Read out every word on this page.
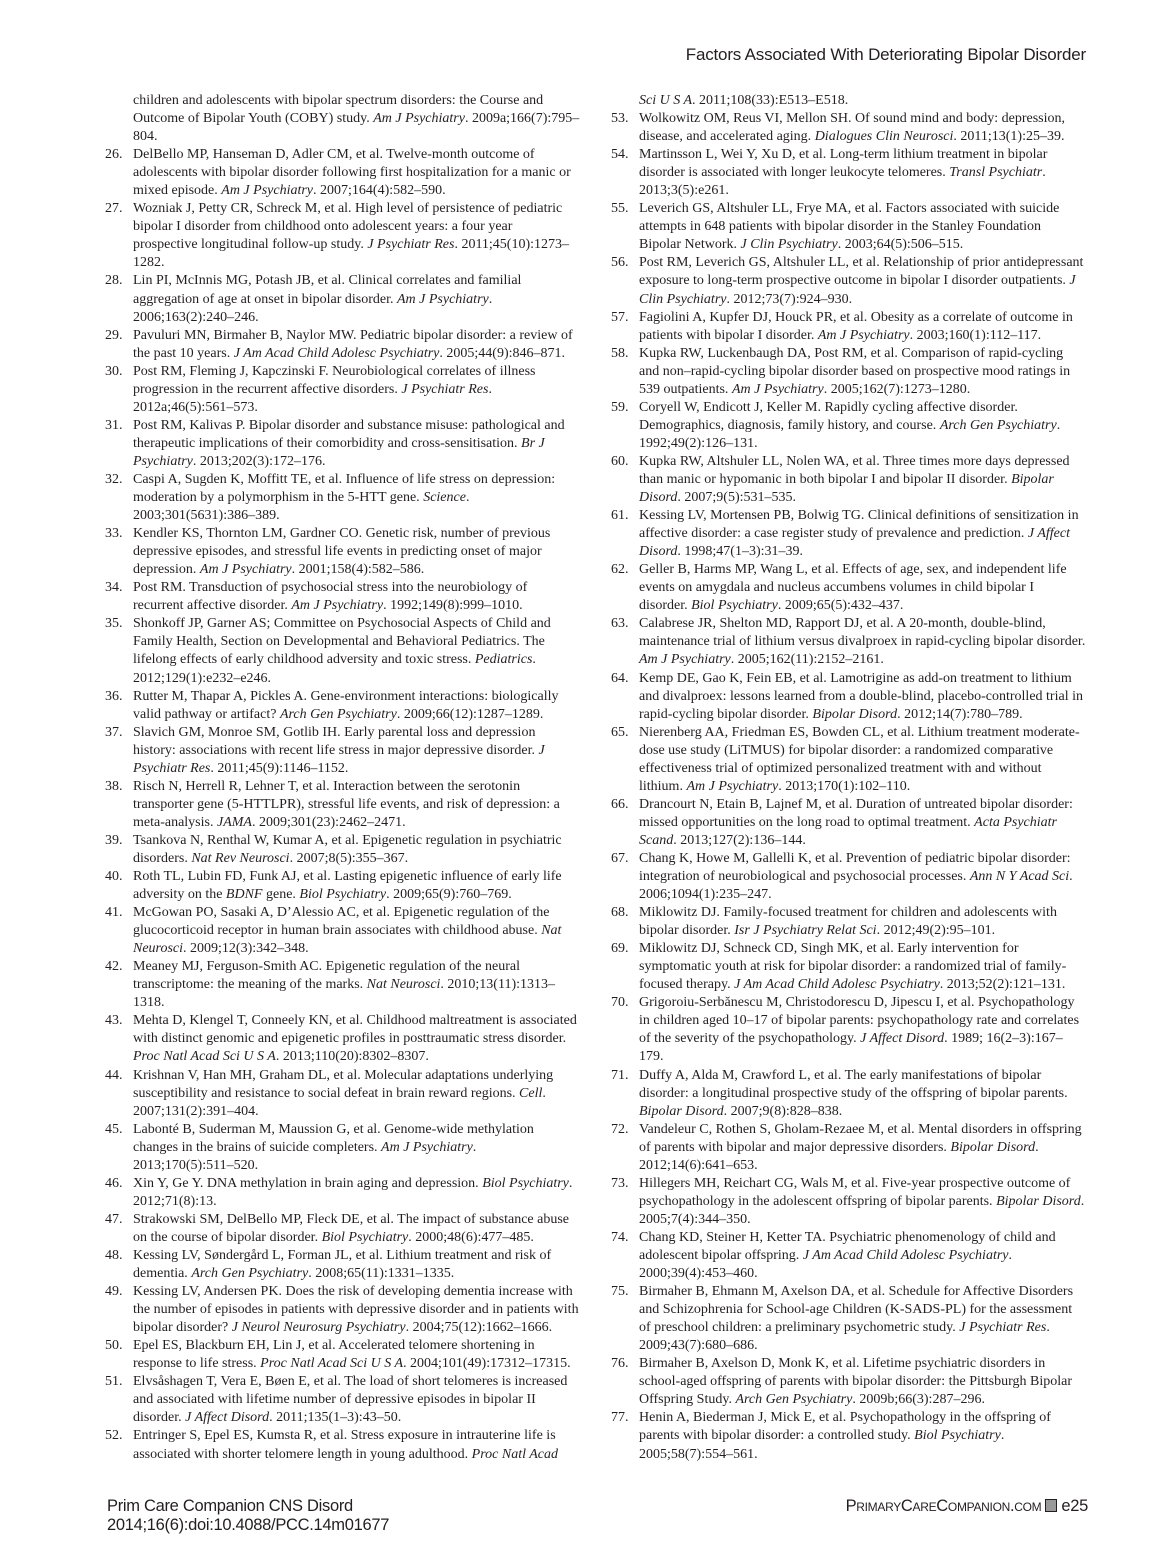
Factors Associated With Deteriorating Bipolar Disorder
children and adolescents with bipolar spectrum disorders: the Course and Outcome of Bipolar Youth (COBY) study. Am J Psychiatry. 2009a;166(7):795–804.
26. DelBello MP, Hanseman D, Adler CM, et al. Twelve-month outcome of adolescents with bipolar disorder following first hospitalization for a manic or mixed episode. Am J Psychiatry. 2007;164(4):582–590.
27. Wozniak J, Petty CR, Schreck M, et al. High level of persistence of pediatric bipolar I disorder from childhood onto adolescent years: a four year prospective longitudinal follow-up study. J Psychiatr Res. 2011;45(10):1273–1282.
28. Lin PI, McInnis MG, Potash JB, et al. Clinical correlates and familial aggregation of age at onset in bipolar disorder. Am J Psychiatry. 2006;163(2):240–246.
29. Pavuluri MN, Birmaher B, Naylor MW. Pediatric bipolar disorder: a review of the past 10 years. J Am Acad Child Adolesc Psychiatry. 2005;44(9):846–871.
30. Post RM, Fleming J, Kapczinski F. Neurobiological correlates of illness progression in the recurrent affective disorders. J Psychiatr Res. 2012a;46(5):561–573.
31. Post RM, Kalivas P. Bipolar disorder and substance misuse: pathological and therapeutic implications of their comorbidity and cross-sensitisation. Br J Psychiatry. 2013;202(3):172–176.
32. Caspi A, Sugden K, Moffitt TE, et al. Influence of life stress on depression: moderation by a polymorphism in the 5-HTT gene. Science. 2003;301(5631):386–389.
33. Kendler KS, Thornton LM, Gardner CO. Genetic risk, number of previous depressive episodes, and stressful life events in predicting onset of major depression. Am J Psychiatry. 2001;158(4):582–586.
34. Post RM. Transduction of psychosocial stress into the neurobiology of recurrent affective disorder. Am J Psychiatry. 1992;149(8):999–1010.
35. Shonkoff JP, Garner AS; Committee on Psychosocial Aspects of Child and Family Health, Section on Developmental and Behavioral Pediatrics. The lifelong effects of early childhood adversity and toxic stress. Pediatrics. 2012;129(1):e232–e246.
36. Rutter M, Thapar A, Pickles A. Gene-environment interactions: biologically valid pathway or artifact? Arch Gen Psychiatry. 2009;66(12):1287–1289.
37. Slavich GM, Monroe SM, Gotlib IH. Early parental loss and depression history: associations with recent life stress in major depressive disorder. J Psychiatr Res. 2011;45(9):1146–1152.
38. Risch N, Herrell R, Lehner T, et al. Interaction between the serotonin transporter gene (5-HTTLPR), stressful life events, and risk of depression: a meta-analysis. JAMA. 2009;301(23):2462–2471.
39. Tsankova N, Renthal W, Kumar A, et al. Epigenetic regulation in psychiatric disorders. Nat Rev Neurosci. 2007;8(5):355–367.
40. Roth TL, Lubin FD, Funk AJ, et al. Lasting epigenetic influence of early life adversity on the BDNF gene. Biol Psychiatry. 2009;65(9):760–769.
41. McGowan PO, Sasaki A, D’Alessio AC, et al. Epigenetic regulation of the glucocorticoid receptor in human brain associates with childhood abuse. Nat Neurosci. 2009;12(3):342–348.
42. Meaney MJ, Ferguson-Smith AC. Epigenetic regulation of the neural transcriptome: the meaning of the marks. Nat Neurosci. 2010;13(11):1313–1318.
43. Mehta D, Klengel T, Conneely KN, et al. Childhood maltreatment is associated with distinct genomic and epigenetic profiles in posttraumatic stress disorder. Proc Natl Acad Sci U S A. 2013;110(20):8302–8307.
44. Krishnan V, Han MH, Graham DL, et al. Molecular adaptations underlying susceptibility and resistance to social defeat in brain reward regions. Cell. 2007;131(2):391–404.
45. Labonté B, Suderman M, Maussion G, et al. Genome-wide methylation changes in the brains of suicide completers. Am J Psychiatry. 2013;170(5):511–520.
46. Xin Y, Ge Y. DNA methylation in brain aging and depression. Biol Psychiatry. 2012;71(8):13.
47. Strakowski SM, DelBello MP, Fleck DE, et al. The impact of substance abuse on the course of bipolar disorder. Biol Psychiatry. 2000;48(6):477–485.
48. Kessing LV, Søndergård L, Forman JL, et al. Lithium treatment and risk of dementia. Arch Gen Psychiatry. 2008;65(11):1331–1335.
49. Kessing LV, Andersen PK. Does the risk of developing dementia increase with the number of episodes in patients with depressive disorder and in patients with bipolar disorder? J Neurol Neurosurg Psychiatry. 2004;75(12):1662–1666.
50. Epel ES, Blackburn EH, Lin J, et al. Accelerated telomere shortening in response to life stress. Proc Natl Acad Sci U S A. 2004;101(49):17312–17315.
51. Elvsåshagen T, Vera E, Bøen E, et al. The load of short telomeres is increased and associated with lifetime number of depressive episodes in bipolar II disorder. J Affect Disord. 2011;135(1–3):43–50.
52. Entringer S, Epel ES, Kumsta R, et al. Stress exposure in intrauterine life is associated with shorter telomere length in young adulthood. Proc Natl Acad
Sci U S A. 2011;108(33):E513–E518.
53. Wolkowitz OM, Reus VI, Mellon SH. Of sound mind and body: depression, disease, and accelerated aging. Dialogues Clin Neurosci. 2011;13(1):25–39.
54. Martinsson L, Wei Y, Xu D, et al. Long-term lithium treatment in bipolar disorder is associated with longer leukocyte telomeres. Transl Psychiatr. 2013;3(5):e261.
55. Leverich GS, Altshuler LL, Frye MA, et al. Factors associated with suicide attempts in 648 patients with bipolar disorder in the Stanley Foundation Bipolar Network. J Clin Psychiatry. 2003;64(5):506–515.
56. Post RM, Leverich GS, Altshuler LL, et al. Relationship of prior antidepressant exposure to long-term prospective outcome in bipolar I disorder outpatients. J Clin Psychiatry. 2012;73(7):924–930.
57. Fagiolini A, Kupfer DJ, Houck PR, et al. Obesity as a correlate of outcome in patients with bipolar I disorder. Am J Psychiatry. 2003;160(1):112–117.
58. Kupka RW, Luckenbaugh DA, Post RM, et al. Comparison of rapid-cycling and non–rapid-cycling bipolar disorder based on prospective mood ratings in 539 outpatients. Am J Psychiatry. 2005;162(7):1273–1280.
59. Coryell W, Endicott J, Keller M. Rapidly cycling affective disorder. Demographics, diagnosis, family history, and course. Arch Gen Psychiatry. 1992;49(2):126–131.
60. Kupka RW, Altshuler LL, Nolen WA, et al. Three times more days depressed than manic or hypomanic in both bipolar I and bipolar II disorder. Bipolar Disord. 2007;9(5):531–535.
61. Kessing LV, Mortensen PB, Bolwig TG. Clinical definitions of sensitization in affective disorder: a case register study of prevalence and prediction. J Affect Disord. 1998;47(1–3):31–39.
62. Geller B, Harms MP, Wang L, et al. Effects of age, sex, and independent life events on amygdala and nucleus accumbens volumes in child bipolar I disorder. Biol Psychiatry. 2009;65(5):432–437.
63. Calabrese JR, Shelton MD, Rapport DJ, et al. A 20-month, double-blind, maintenance trial of lithium versus divalproex in rapid-cycling bipolar disorder. Am J Psychiatry. 2005;162(11):2152–2161.
64. Kemp DE, Gao K, Fein EB, et al. Lamotrigine as add-on treatment to lithium and divalproex: lessons learned from a double-blind, placebo-controlled trial in rapid-cycling bipolar disorder. Bipolar Disord. 2012;14(7):780–789.
65. Nierenberg AA, Friedman ES, Bowden CL, et al. Lithium treatment moderate-dose use study (LiTMUS) for bipolar disorder: a randomized comparative effectiveness trial of optimized personalized treatment with and without lithium. Am J Psychiatry. 2013;170(1):102–110.
66. Drancourt N, Etain B, Lajnef M, et al. Duration of untreated bipolar disorder: missed opportunities on the long road to optimal treatment. Acta Psychiatr Scand. 2013;127(2):136–144.
67. Chang K, Howe M, Gallelli K, et al. Prevention of pediatric bipolar disorder: integration of neurobiological and psychosocial processes. Ann N Y Acad Sci. 2006;1094(1):235–247.
68. Miklowitz DJ. Family-focused treatment for children and adolescents with bipolar disorder. Isr J Psychiatry Relat Sci. 2012;49(2):95–101.
69. Miklowitz DJ, Schneck CD, Singh MK, et al. Early intervention for symptomatic youth at risk for bipolar disorder: a randomized trial of family-focused therapy. J Am Acad Child Adolesc Psychiatry. 2013;52(2):121–131.
70. Grigoroiu-Serbănescu M, Christodorescu D, Jipescu I, et al. Psychopathology in children aged 10–17 of bipolar parents: psychopathology rate and correlates of the severity of the psychopathology. J Affect Disord. 1989; 16(2–3):167–179.
71. Duffy A, Alda M, Crawford L, et al. The early manifestations of bipolar disorder: a longitudinal prospective study of the offspring of bipolar parents. Bipolar Disord. 2007;9(8):828–838.
72. Vandeleur C, Rothen S, Gholam-Rezaee M, et al. Mental disorders in offspring of parents with bipolar and major depressive disorders. Bipolar Disord. 2012;14(6):641–653.
73. Hillegers MH, Reichart CG, Wals M, et al. Five-year prospective outcome of psychopathology in the adolescent offspring of bipolar parents. Bipolar Disord. 2005;7(4):344–350.
74. Chang KD, Steiner H, Ketter TA. Psychiatric phenomenology of child and adolescent bipolar offspring. J Am Acad Child Adolesc Psychiatry. 2000;39(4):453–460.
75. Birmaher B, Ehmann M, Axelson DA, et al. Schedule for Affective Disorders and Schizophrenia for School-age Children (K-SADS-PL) for the assessment of preschool children: a preliminary psychometric study. J Psychiatr Res. 2009;43(7):680–686.
76. Birmaher B, Axelson D, Monk K, et al. Lifetime psychiatric disorders in school-aged offspring of parents with bipolar disorder: the Pittsburgh Bipolar Offspring Study. Arch Gen Psychiatry. 2009b;66(3):287–296.
77. Henin A, Biederman J, Mick E, et al. Psychopathology in the offspring of parents with bipolar disorder: a controlled study. Biol Psychiatry. 2005;58(7):554–561.
Prim Care Companion CNS Disord
2014;16(6):doi:10.4088/PCC.14m01677
PrimaryCareCompanion.com e25
